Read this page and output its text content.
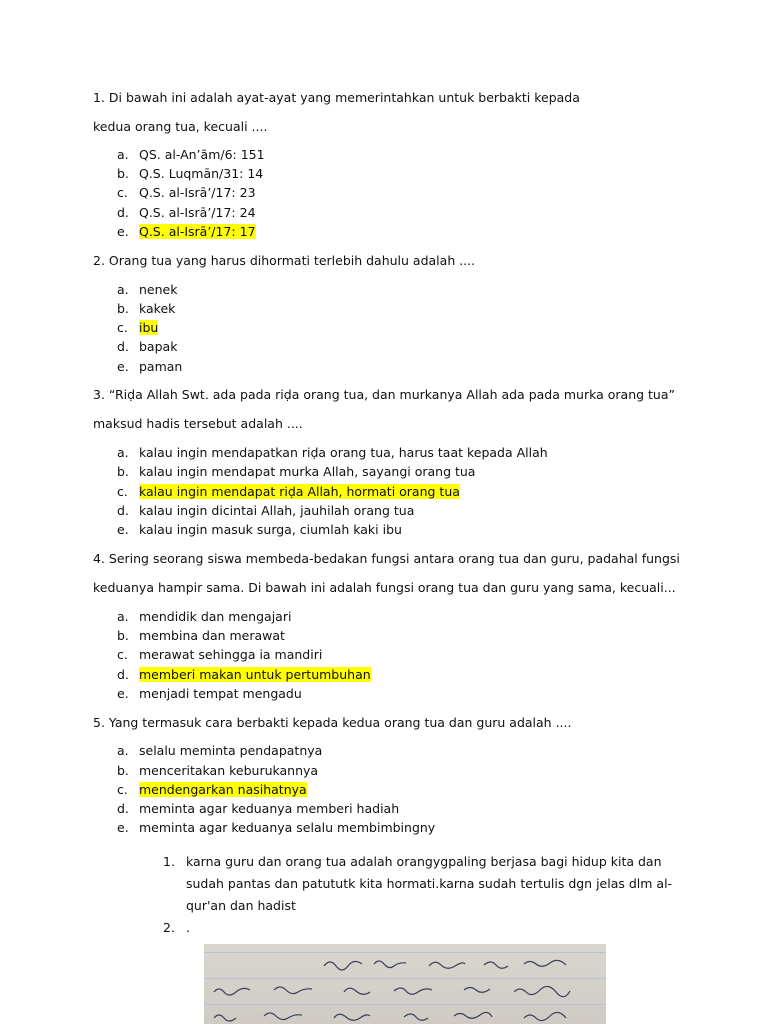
1. Di bawah ini adalah ayat-ayat yang memerintahkan untuk berbakti kepada
kedua orang tua, kecuali ....
a. QS. al-An’ãm/6: 151
b. Q.S. Luqmān/31: 14
c. Q.S. al-Isrā’/17: 23
d. Q.S. al-Isrā’/17: 24
e. Q.S. al-Isrā’/17: 17
2. Orang tua yang harus dihormati terlebih dahulu adalah ....
a. nenek
b. kakek
c. ibu
d. bapak
e. paman
3. “Riḍa Allah Swt. ada pada riḍa orang tua, dan murkanya Allah ada pada murka orang tua”
maksud hadis tersebut adalah ....
a. kalau ingin mendapatkan riḍa orang tua, harus taat kepada Allah
b. kalau ingin mendapat murka Allah, sayangi orang tua
c. kalau ingin mendapat riḍa Allah, hormati orang tua
d. kalau ingin dicintai Allah, jauhilah orang tua
e. kalau ingin masuk surga, ciumlah kaki ibu
4. Sering seorang siswa membeda-bedakan fungsi antara orang tua dan guru, padahal fungsi
keduanya hampir sama. Di bawah ini adalah fungsi orang tua dan guru yang sama, kecuali...
a. mendidik dan mengajari
b. membina dan merawat
c. merawat sehingga ia mandiri
d. memberi makan untuk pertumbuhan
e. menjadi tempat mengadu
5. Yang termasuk cara berbakti kepada kedua orang tua dan guru adalah ....
a. selalu meminta pendapatnya
b. menceritakan keburukannya
c. mendengarkan nasihatnya
d. meminta agar keduanya memberi hadiah
e. meminta agar keduanya selalu membimbingny
1. karna guru dan orang tua adalah orangygpaling berjasa bagi hidup kita dan
sudah pantas dan patututk kita hormati.karna sudah tertulis dgn jelas dlm al-
qur'an dan hadist
2. .
